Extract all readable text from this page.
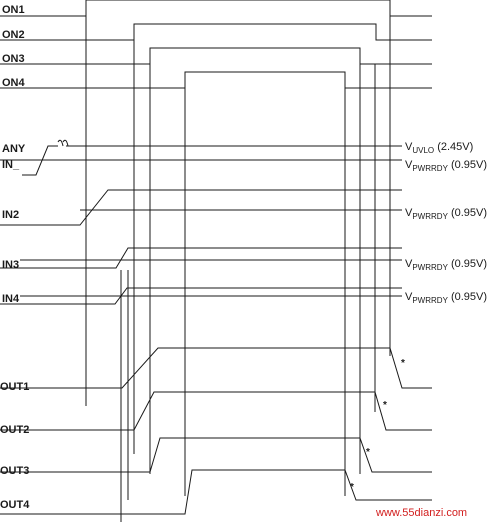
ON1
ON2
ON3
ON4
ANY
IN_
IN2
IN3
IN4
OUT1
OUT2
OUT3
OUT4
VUVLO (2.45V)
VPWRRDY (0.95V)
VPWRRDY (0.95V)
VPWRRDY (0.95V)
VPWRRDY (0.95V)
*
*
*
*
www.55dianzi.com
